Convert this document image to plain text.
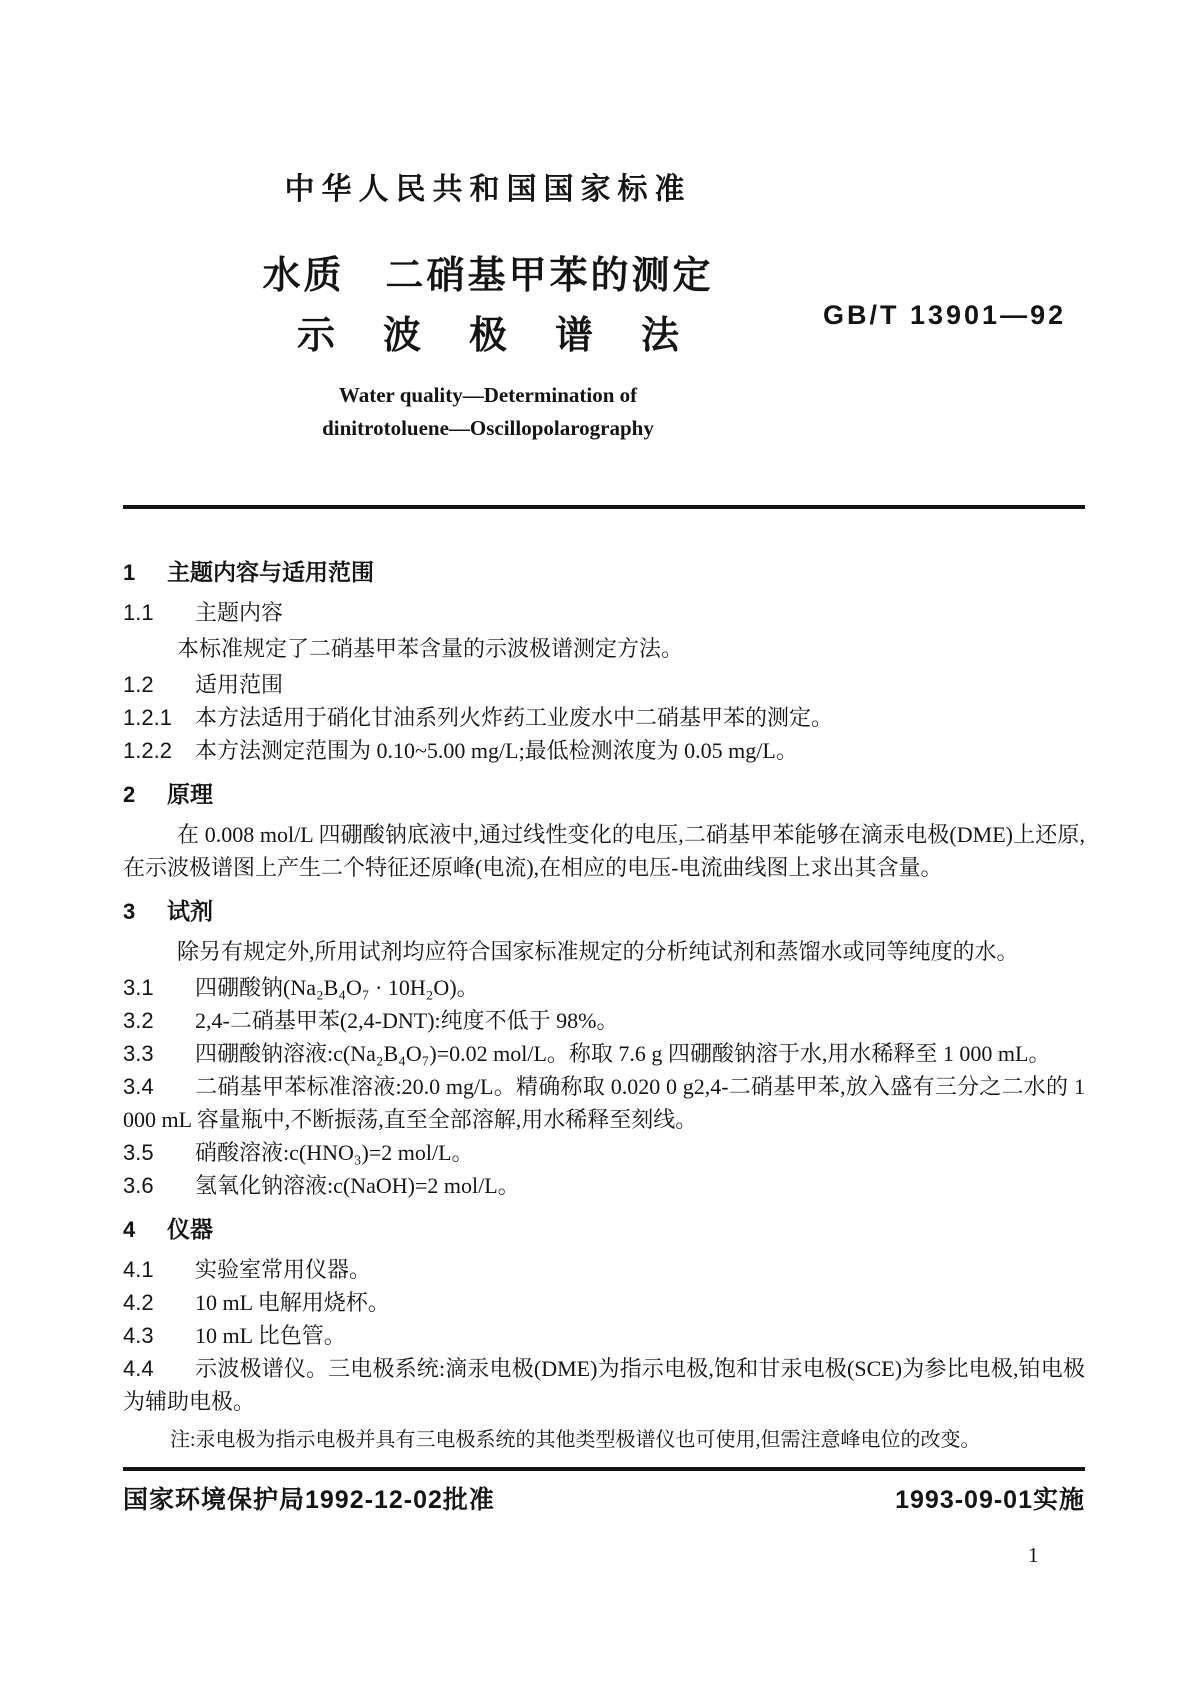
中华人民共和国国家标准
水质　二硝基甲苯的测定
示波极谱法	GB/T 13901—92
Water quality—Determination of
dinitrotoluene—Oscillopolarography
1 主题内容与适用范围
1.1 主题内容
本标准规定了二硝基甲苯含量的示波极谱测定方法。
1.2 适用范围
1.2.1 本方法适用于硝化甘油系列火炸药工业废水中二硝基甲苯的测定。
1.2.2 本方法测定范围为 0.10~5.00 mg/L;最低检测浓度为 0.05 mg/L。
2 原理
在 0.008 mol/L 四硼酸钠底液中,通过线性变化的电压,二硝基甲苯能够在滴汞电极(DME)上还原,在示波极谱图上产生二个特征还原峰(电流),在相应的电压-电流曲线图上求出其含量。
3 试剂
除另有规定外,所用试剂均应符合国家标准规定的分析纯试剂和蒸馏水或同等纯度的水。
3.1 四硼酸钠(Na₂B₄O₇ · 10H₂O)。
3.2 2,4-二硝基甲苯(2,4-DNT):纯度不低于 98%。
3.3 四硼酸钠溶液:c(Na₂B₄O₇)=0.02 mol/L。称取 7.6 g 四硼酸钠溶于水,用水稀释至 1 000 mL。
3.4 二硝基甲苯标准溶液:20.0 mg/L。精确称取 0.020 0 g2,4-二硝基甲苯,放入盛有三分之二水的 1 000 mL 容量瓶中,不断振荡,直至全部溶解,用水稀释至刻线。
3.5 硝酸溶液:c(HNO₃)=2 mol/L。
3.6 氢氧化钠溶液:c(NaOH)=2 mol/L。
4 仪器
4.1 实验室常用仪器。
4.2 10 mL 电解用烧杯。
4.3 10 mL 比色管。
4.4 示波极谱仪。三电极系统:滴汞电极(DME)为指示电极,饱和甘汞电极(SCE)为参比电极,铂电极为辅助电极。
注:汞电极为指示电极并具有三电极系统的其他类型极谱仪也可使用,但需注意峰电位的改变。
国家环境保护局1992-12-02批准	1993-09-01实施
1
